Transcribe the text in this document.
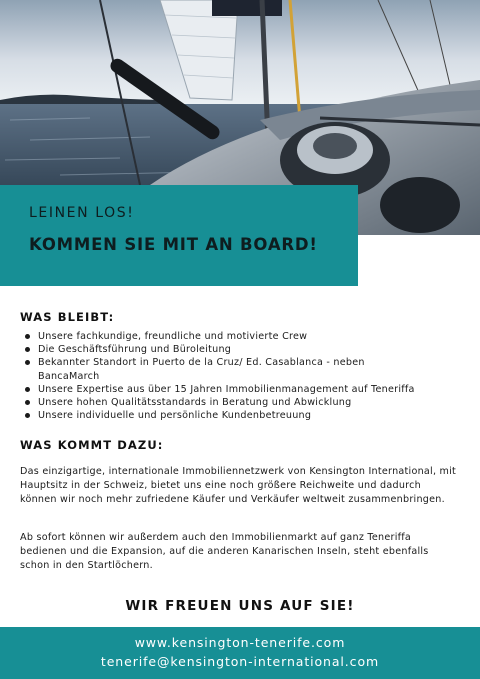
LEINEN LOS!

KOMMEN SIE MIT AN BOARD!

WAS BLEIBT:
Unsere fachkundige, freundliche und motivierte Crew
Die Geschäftsführung und Büroleitung
Bekannter Standort in Puerto de la Cruz/ Ed. Casablanca - neben BancaMarch
Unsere Expertise aus über 15 Jahren Immobilienmanagement auf Teneriffa
Unsere hohen Qualitätsstandards in Beratung und Abwicklung
Unsere individuelle und persönliche Kundenbetreuung
WAS KOMMT DAZU:

Das einzigartige, internationale Immobiliennetzwerk von Kensington International, mit Hauptsitz in der Schweiz, bietet uns eine noch größere Reichweite und dadurch können wir noch mehr zufriedene Käufer und Verkäufer weltweit zusammenbringen.

Ab sofort können wir außerdem auch den Immobilienmarkt auf ganz Teneriffa bedienen und die Expansion, auf die anderen Kanarischen Inseln, steht ebenfalls schon in den Startlöchern.

WIR FREUEN UNS AUF SIE!

www.kensington-tenerife.com
tenerife@kensington-international.com
